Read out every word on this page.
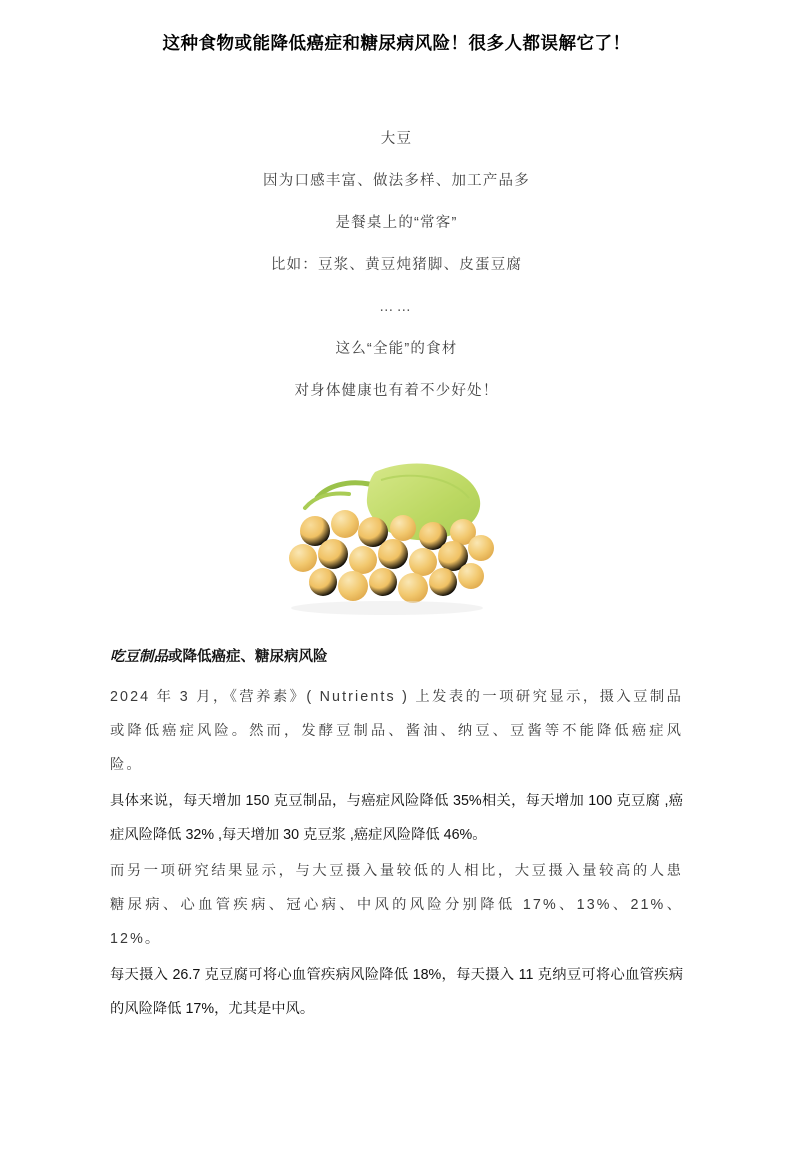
这种食物或能降低癌症和糖尿病风险！很多人都误解它了！

大豆

因为口感丰富、做法多样、加工产品多

是餐桌上的“常客”

比如：豆浆、黄豆炖猪脚、皮蛋豆腐

……

这么“全能”的食材

对身体健康也有着不少好处！

吃豆制品或降低癌症、糖尿病风险

2024 年 3 月，《营养素》( Nutrients ) 上发表的一项研究显示，摄入豆制品或降低癌症风险。然而，发酵豆制品、酱油、纳豆、豆酱等不能降低癌症风险。

具体来说，每天增加 150 克豆制品，与癌症风险降低 35%相关，每天增加 100 克豆腐 ,癌症风险降低 32% ,每天增加 30 克豆浆 ,癌症风险降低 46%。

而另一项研究结果显示，与大豆摄入量较低的人相比，大豆摄入量较高的人患糖尿病、心血管疾病、冠心病、中风的风险分别降低 17%、13%、21%、12%。

每天摄入 26.7 克豆腐可将心血管疾病风险降低 18%，每天摄入 11 克纳豆可将心血管疾病的风险降低 17%，尤其是中风。
